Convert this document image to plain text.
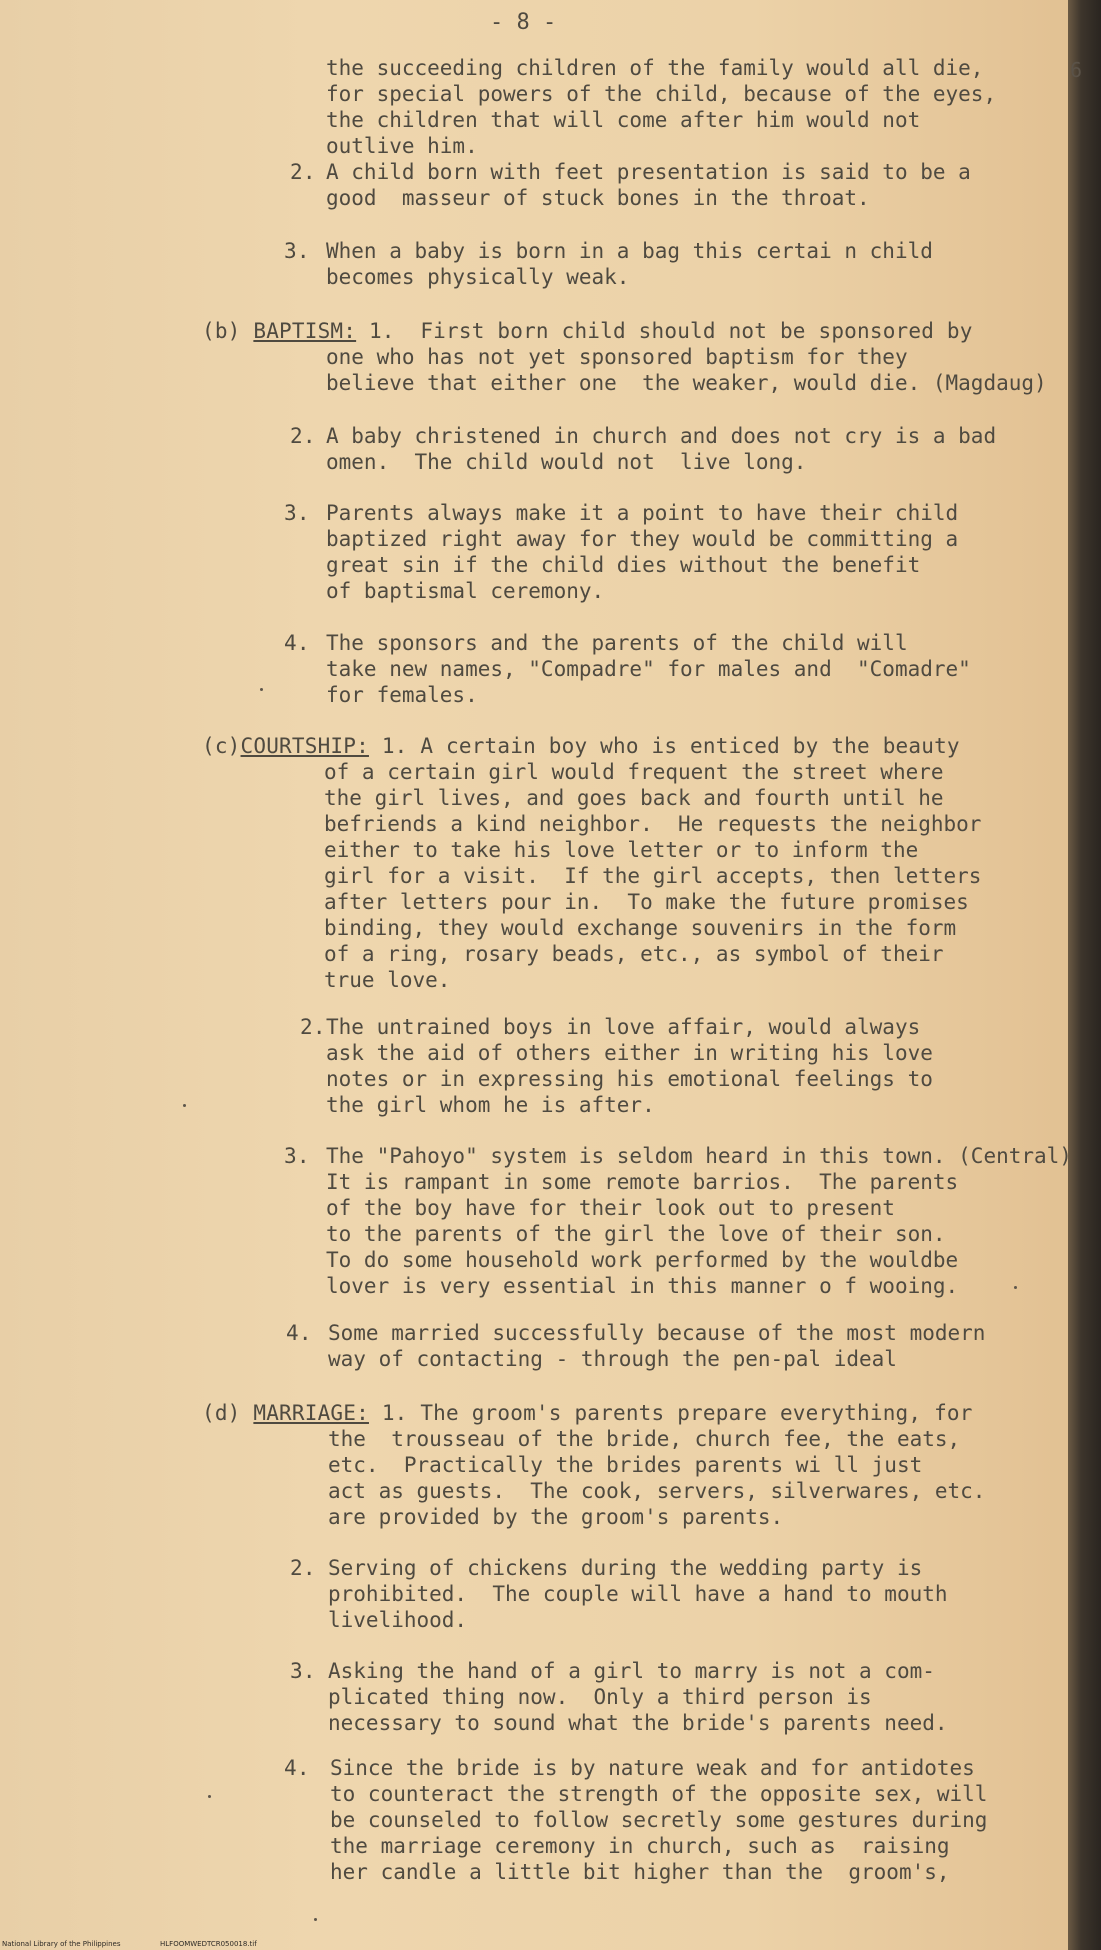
- 8 -
6
the succeeding children of the family would all die,
for special powers of the child, because of the eyes,
the children that will come after him would not
outlive him.
2. A child born with feet presentation is said to be a
good  masseur of stuck bones in the throat.
3. When a baby is born in a bag this certai n child
becomes physically weak.
(b) BAPTISM: 1.  First born child should not be sponsored by
one who has not yet sponsored baptism for they
believe that either one  the weaker, would die. (Magdaug)
2. A baby christened in church and does not cry is a bad
omen.  The child would not  live long.
3. Parents always make it a point to have their child
baptized right away for they would be committing a
great sin if the child dies without the benefit
of baptismal ceremony.
4. The sponsors and the parents of the child will
take new names, "Compadre" for males and  "Comadre"
for females.
(c)COURTSHIP: 1. A certain boy who is enticed by the beauty
of a certain girl would frequent the street where
the girl lives, and goes back and fourth until he
befriends a kind neighbor.  He requests the neighbor
either to take his love letter or to inform the
girl for a visit.  If the girl accepts, then letters
after letters pour in.  To make the future promises
binding, they would exchange souvenirs in the form
of a ring, rosary beads, etc., as symbol of their
true love.
2. The untrained boys in love affair, would always
ask the aid of others either in writing his love
notes or in expressing his emotional feelings to
the girl whom he is after.
3. The "Pahoyo" system is seldom heard in this town. (Central)
It is rampant in some remote barrios.  The parents
of the boy have for their look out to present
to the parents of the girl the love of their son.
To do some household work performed by the wouldbe
lover is very essential in this manner o f wooing.
4. Some married successfully because of the most modern
way of contacting - through the pen-pal ideal
(d) MARRIAGE: 1. The groom's parents prepare everything, for
the  trousseau of the bride, church fee, the eats,
etc.  Practically the brides parents wi ll just
act as guests.  The cook, servers, silverwares, etc.
are provided by the groom's parents.
2. Serving of chickens during the wedding party is
prohibited.  The couple will have a hand to mouth
livelihood.
3. Asking the hand of a girl to marry is not a com-
plicated thing now.  Only a third person is
necessary to sound what the bride's parents need.
4. Since the bride is by nature weak and for antidotes
to counteract the strength of the opposite sex, will
be counseled to follow secretly some gestures during
the marriage ceremony in church, such as  raising
her candle a little bit higher than the  groom's,
National Library of the Philippines	HLFOOMWEDTCR050018.tif
